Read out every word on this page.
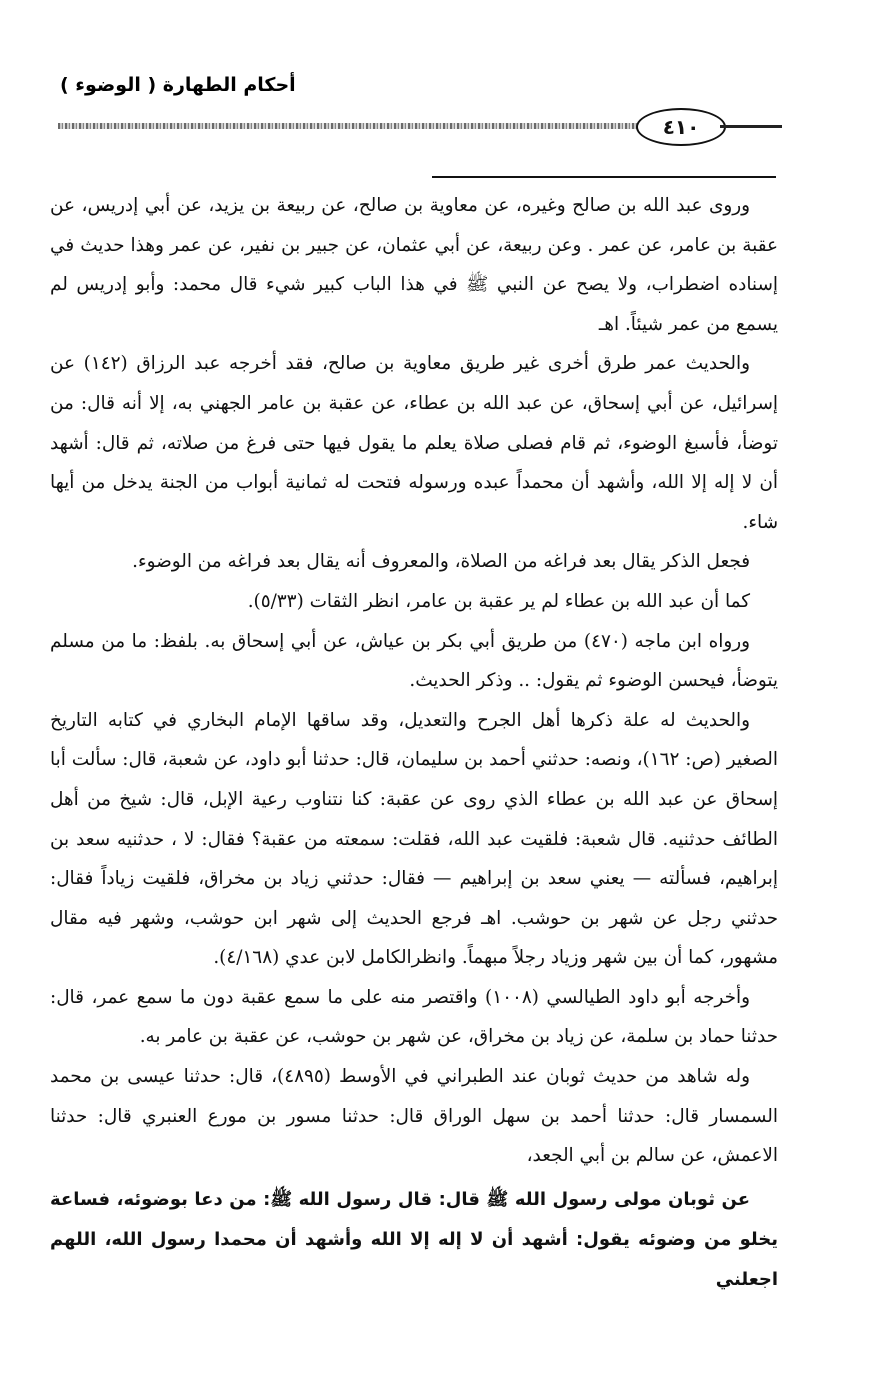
أحكام الطهارة ( الوضوء )
٤١٠

وروى عبد الله بن صالح وغيره، عن معاوية بن صالح، عن ربيعة بن يزيد، عن أبي إدريس، عن عقبة بن عامر، عن عمر . وعن ربيعة، عن أبي عثمان، عن جبير بن نفير، عن عمر وهذا حديث في إسناده اضطراب، ولا يصح عن النبي ﷺ في هذا الباب كبير شيء قال محمد: وأبو إدريس لم يسمع من عمر شيئاً. اهـ

والحديث عمر طرق أخرى غير طريق معاوية بن صالح، فقد أخرجه عبد الرزاق (١٤٢) عن إسرائيل، عن أبي إسحاق، عن عبد الله بن عطاء، عن عقبة بن عامر الجهني به، إلا أنه قال: من توضأ، فأسبغ الوضوء، ثم قام فصلى صلاة يعلم ما يقول فيها حتى فرغ من صلاته، ثم قال: أشهد أن لا إله إلا الله، وأشهد أن محمداً عبده ورسوله فتحت له ثمانية أبواب من الجنة يدخل من أيها شاء.

فجعل الذكر يقال بعد فراغه من الصلاة، والمعروف أنه يقال بعد فراغه من الوضوء.

كما أن عبد الله بن عطاء لم ير عقبة بن عامر، انظر الثقات (٥/٣٣).

ورواه ابن ماجه (٤٧٠) من طريق أبي بكر بن عياش، عن أبي إسحاق به. بلفظ: ما من مسلم يتوضأ، فيحسن الوضوء ثم يقول: .. وذكر الحديث.

والحديث له علة ذكرها أهل الجرح والتعديل، وقد ساقها الإمام البخاري في كتابه التاريخ الصغير (ص: ١٦٢)، ونصه: حدثني أحمد بن سليمان، قال: حدثنا أبو داود، عن شعبة، قال: سألت أبا إسحاق عن عبد الله بن عطاء الذي روى عن عقبة: كنا نتناوب رعية الإبل، قال: شيخ من أهل الطائف حدثنيه. قال شعبة: فلقيت عبد الله، فقلت: سمعته من عقبة؟ فقال: لا ، حدثنيه سعد بن إبراهيم، فسألته — يعني سعد بن إبراهيم — فقال: حدثني زياد بن مخراق، فلقيت زياداً فقال: حدثني رجل عن شهر بن حوشب. اهـ فرجع الحديث إلى شهر ابن حوشب، وشهر فيه مقال مشهور، كما أن بين شهر وزياد رجلاً مبهماً. وانظرالكامل لابن عدي (٤/١٦٨).

وأخرجه أبو داود الطيالسي (١٠٠٨) واقتصر منه على ما سمع عقبة دون ما سمع عمر، قال: حدثنا حماد بن سلمة، عن زياد بن مخراق، عن شهر بن حوشب، عن عقبة بن عامر به.

وله شاهد من حديث ثوبان عند الطبراني في الأوسط (٤٨٩٥)، قال: حدثنا عيسى بن محمد السمسار قال: حدثنا أحمد بن سهل الوراق قال: حدثنا مسور بن مورع العنبري قال: حدثنا الاعمش، عن سالم بن أبي الجعد،

عن ثوبان مولى رسول الله ﷺ قال: قال رسول الله ﷺ: من دعا بوضوئه، فساعة يخلو من وضوئه يقول: أشهد أن لا إله إلا الله وأشهد أن محمدا رسول الله، اللهم اجعلني
